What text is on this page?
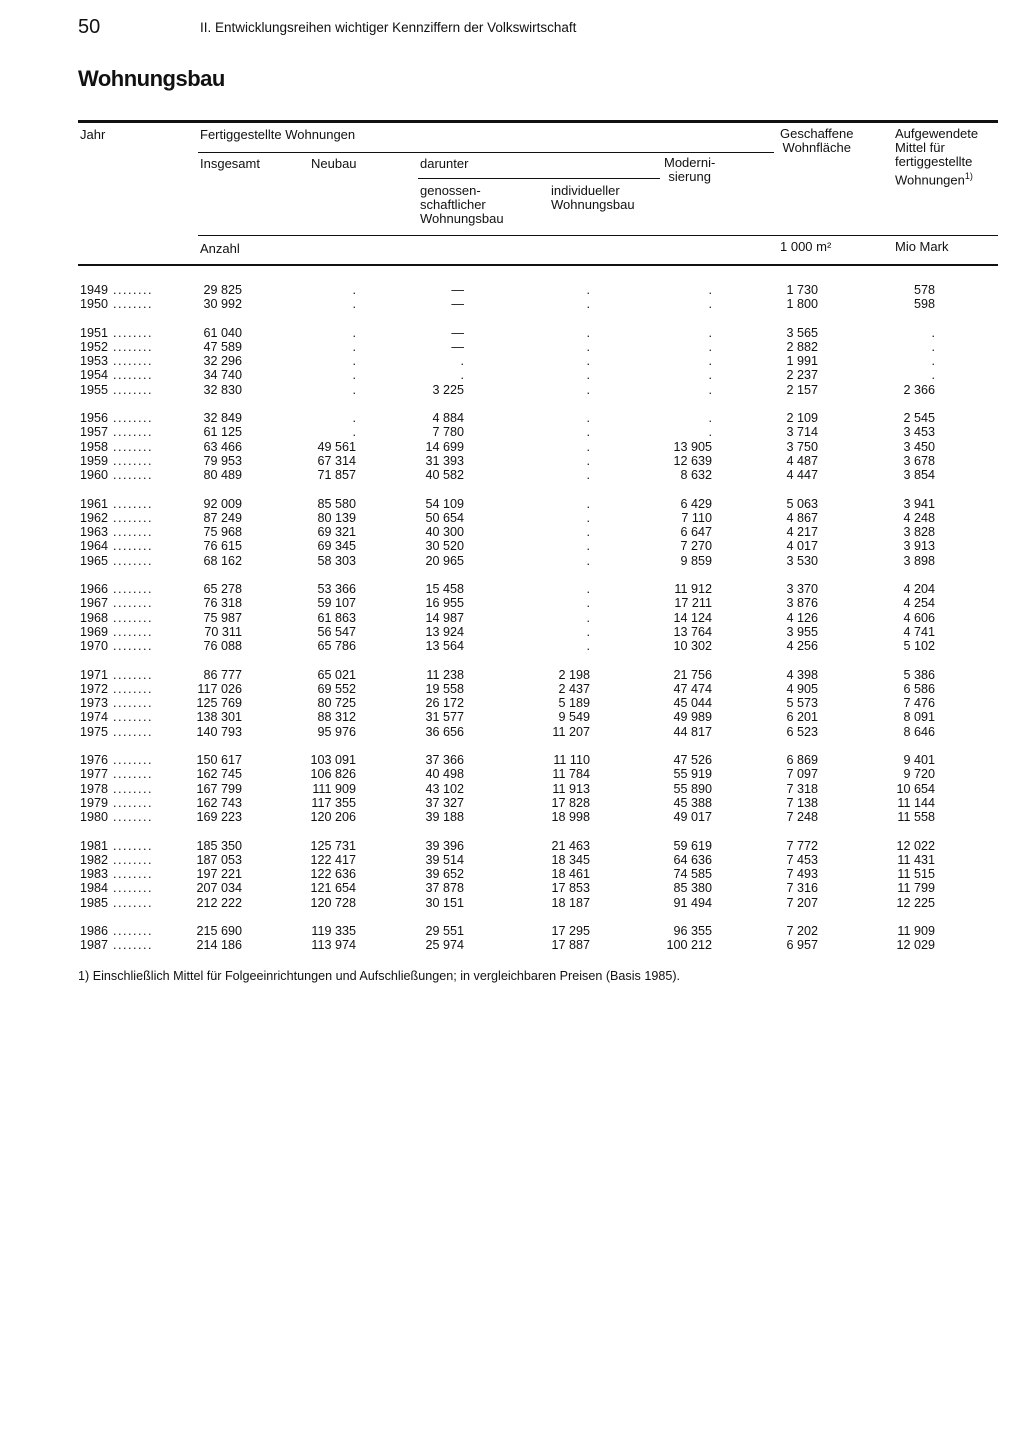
50	II. Entwicklungsreihen wichtiger Kennziffern der Volkswirtschaft
Wohnungsbau
Jahr	Fertiggestellte Wohnungen
Insgesamt	Neubau	darunter
genossen-
schaftlicher
Wohnungsbau
individueller
Wohnungsbau
Moderni-
sierung
Geschaffene
Wohnfläche
Aufgewendete
Mittel für
fertiggestellte
Wohnungen$^{1)}$
Anzahl	1 000 m²	Mio Mark
1949 ........	29 825	.	—	.	.	1 730	578
1950 ........	30 992	.	—	.	.	1 800	598
1951 ........	61 040	.	—	.	.	3 565	.
1952 ........	47 589	.	—	.	.	2 882	.
1953 ........	32 296	.	.	.	.	1 991	.
1954 ........	34 740	.	.	.	.	2 237	.
1955 ........	32 830	.	3 225	.	.	2 157	2 366
1956 ........	32 849	.	4 884	.	.	2 109	2 545
1957 ........	61 125	.	7 780	.	.	3 714	3 453
1958 ........	63 466	49 561	14 699	.	13 905	3 750	3 450
1959 ........	79 953	67 314	31 393	.	12 639	4 487	3 678
1960 ........	80 489	71 857	40 582	.	8 632	4 447	3 854
1961 ........	92 009	85 580	54 109	.	6 429	5 063	3 941
1962 ........	87 249	80 139	50 654	.	7 110	4 867	4 248
1963 ........	75 968	69 321	40 300	.	6 647	4 217	3 828
1964 ........	76 615	69 345	30 520	.	7 270	4 017	3 913
1965 ........	68 162	58 303	20 965	.	9 859	3 530	3 898
1966 ........	65 278	53 366	15 458	.	11 912	3 370	4 204
1967 ........	76 318	59 107	16 955	.	17 211	3 876	4 254
1968 ........	75 987	61 863	14 987	.	14 124	4 126	4 606
1969 ........	70 311	56 547	13 924	.	13 764	3 955	4 741
1970 ........	76 088	65 786	13 564	.	10 302	4 256	5 102
1971 ........	86 777	65 021	11 238	2 198	21 756	4 398	5 386
1972 ........	117 026	69 552	19 558	2 437	47 474	4 905	6 586
1973 ........	125 769	80 725	26 172	5 189	45 044	5 573	7 476
1974 ........	138 301	88 312	31 577	9 549	49 989	6 201	8 091
1975 ........	140 793	95 976	36 656	11 207	44 817	6 523	8 646
1976 ........	150 617	103 091	37 366	11 110	47 526	6 869	9 401
1977 ........	162 745	106 826	40 498	11 784	55 919	7 097	9 720
1978 ........	167 799	111 909	43 102	11 913	55 890	7 318	10 654
1979 ........	162 743	117 355	37 327	17 828	45 388	7 138	11 144
1980 ........	169 223	120 206	39 188	18 998	49 017	7 248	11 558
1981 ........	185 350	125 731	39 396	21 463	59 619	7 772	12 022
1982 ........	187 053	122 417	39 514	18 345	64 636	7 453	11 431
1983 ........	197 221	122 636	39 652	18 461	74 585	7 493	11 515
1984 ........	207 034	121 654	37 878	17 853	85 380	7 316	11 799
1985 ........	212 222	120 728	30 151	18 187	91 494	7 207	12 225
1986 ........	215 690	119 335	29 551	17 295	96 355	7 202	11 909
1987 ........	214 186	113 974	25 974	17 887	100 212	6 957	12 029
1) Einschließlich Mittel für Folgeeinrichtungen und Aufschließungen; in vergleichbaren Preisen (Basis 1985).
